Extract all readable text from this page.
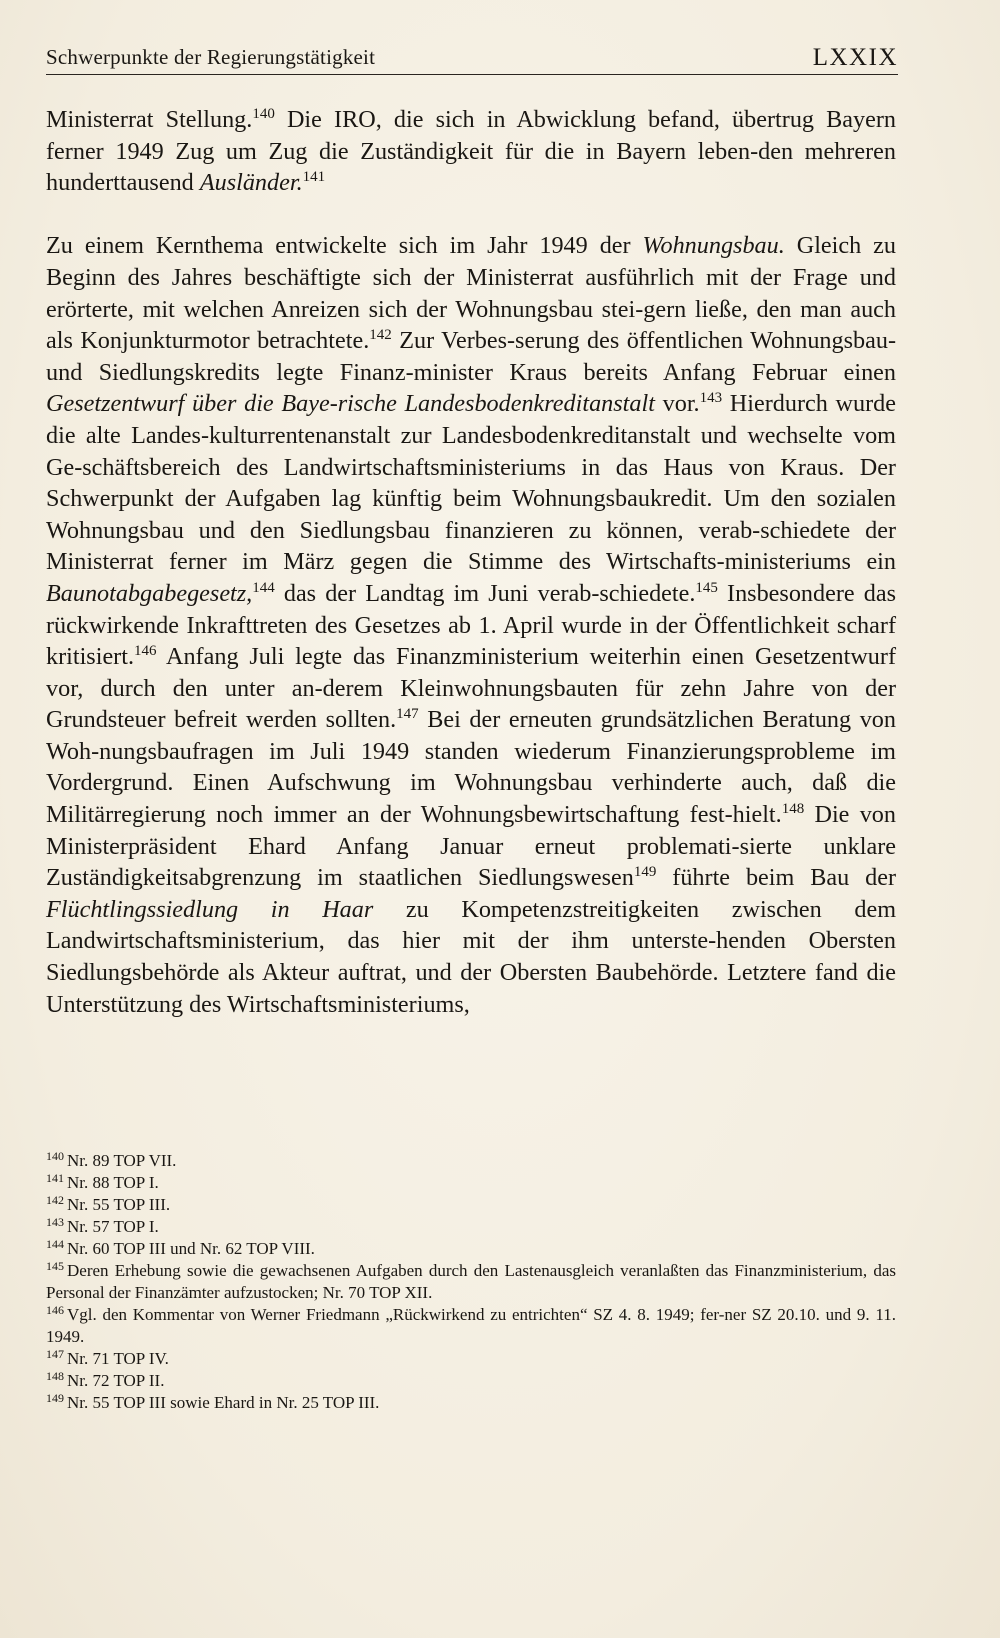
Schwerpunkte der Regierungstätigkeit	LXXIX

Ministerrat Stellung.$^{140}$ Die IRO, die sich in Abwicklung befand, übertrug Bayern ferner 1949 Zug um Zug die Zuständigkeit für die in Bayern leben-den mehreren hunderttausend Ausländer.$^{141}$

Zu einem Kernthema entwickelte sich im Jahr 1949 der Wohnungsbau. Gleich zu Beginn des Jahres beschäftigte sich der Ministerrat ausführlich mit der Frage und erörterte, mit welchen Anreizen sich der Wohnungsbau stei-gern ließe, den man auch als Konjunkturmotor betrachtete.$^{142}$ Zur Verbes-serung des öffentlichen Wohnungsbau- und Siedlungskredits legte Finanz-minister Kraus bereits Anfang Februar einen Gesetzentwurf über die Baye-rische Landesbodenkreditanstalt vor.$^{143}$ Hierdurch wurde die alte Landes-kulturrentenanstalt zur Landesbodenkreditanstalt und wechselte vom Ge-schäftsbereich des Landwirtschaftsministeriums in das Haus von Kraus. Der Schwerpunkt der Aufgaben lag künftig beim Wohnungsbaukredit. Um den sozialen Wohnungsbau und den Siedlungsbau finanzieren zu können, verab-schiedete der Ministerrat ferner im März gegen die Stimme des Wirtschafts-ministeriums ein Baunotabgabegesetz,$^{144}$ das der Landtag im Juni verab-schiedete.$^{145}$ Insbesondere das rückwirkende Inkrafttreten des Gesetzes ab 1. April wurde in der Öffentlichkeit scharf kritisiert.$^{146}$ Anfang Juli legte das Finanzministerium weiterhin einen Gesetzentwurf vor, durch den unter an-derem Kleinwohnungsbauten für zehn Jahre von der Grundsteuer befreit werden sollten.$^{147}$ Bei der erneuten grundsätzlichen Beratung von Woh-nungsbaufragen im Juli 1949 standen wiederum Finanzierungsprobleme im Vordergrund. Einen Aufschwung im Wohnungsbau verhinderte auch, daß die Militärregierung noch immer an der Wohnungsbewirtschaftung fest-hielt.$^{148}$ Die von Ministerpräsident Ehard Anfang Januar erneut problemati-sierte unklare Zuständigkeitsabgrenzung im staatlichen Siedlungswesen$^{149}$ führte beim Bau der Flüchtlingssiedlung in Haar zu Kompetenzstreitigkeiten zwischen dem Landwirtschaftsministerium, das hier mit der ihm unterste-henden Obersten Siedlungsbehörde als Akteur auftrat, und der Obersten Baubehörde. Letztere fand die Unterstützung des Wirtschaftsministeriums,

$^{140}$ Nr. 89 TOP VII.
$^{141}$ Nr. 88 TOP I.
$^{142}$ Nr. 55 TOP III.
$^{143}$ Nr. 57 TOP I.
$^{144}$ Nr. 60 TOP III und Nr. 62 TOP VIII.
$^{145}$ Deren Erhebung sowie die gewachsenen Aufgaben durch den Lastenausgleich veranlaßten das Finanzministerium, das Personal der Finanzämter aufzustocken; Nr. 70 TOP XII.
$^{146}$ Vgl. den Kommentar von Werner Friedmann „Rückwirkend zu entrichten“ SZ 4. 8. 1949; fer-ner SZ 20.10. und 9. 11. 1949.
$^{147}$ Nr. 71 TOP IV.
$^{148}$ Nr. 72 TOP II.
$^{149}$ Nr. 55 TOP III sowie Ehard in Nr. 25 TOP III.
